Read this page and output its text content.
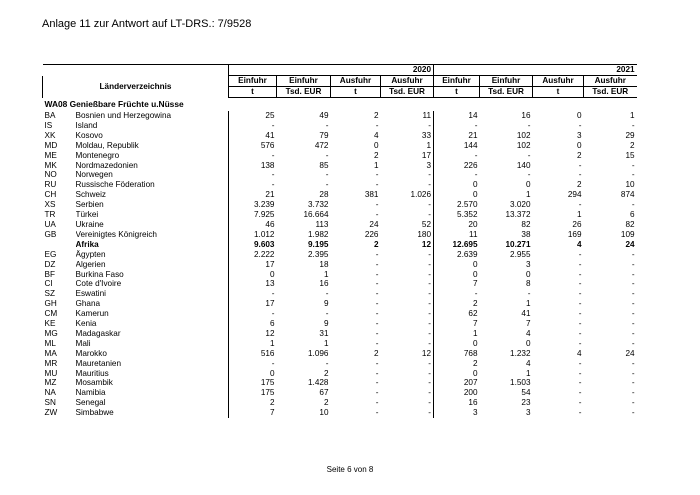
Anlage 11 zur Antwort auf LT-DRS.: 7/9528
		2020				2021			
Länderverzeichnis		Einfuhr	Einfuhr	Ausfuhr	Ausfuhr	Einfuhr	Einfuhr	Ausfuhr	Ausfuhr
		t	Tsd. EUR	t	Tsd. EUR	t	Tsd. EUR	t	Tsd. EUR
WA08 Genießbare Früchte u.Nüsse									
BA	Bosnien und Herzegowina	25	49	2	11	14	16	0	1
IS	Island	-	-	-	-	-	-	-	-
XK	Kosovo	41	79	4	33	21	102	3	29
MD	Moldau, Republik	576	472	0	1	144	102	0	2
ME	Montenegro	-	-	2	17	-	-	2	15
MK	Nordmazedonien	138	85	1	3	226	140	-	-
NO	Norwegen	-	-	-	-	-	-	-	-
RU	Russische Föderation	-	-	-	-	0	0	2	10
CH	Schweiz	21	28	381	1.026	0	1	294	874
XS	Serbien	3.239	3.732	-	-	2.570	3.020	-	-
TR	Türkei	7.925	16.664	-	-	5.352	13.372	1	6
UA	Ukraine	46	113	24	52	20	82	26	82
GB	Vereinigtes Königreich	1.012	1.982	226	180	11	38	169	109
	Afrika	9.603	9.195	2	12	12.695	10.271	4	24
EG	Ägypten	2.222	2.395	-	-	2.639	2.955	-	-
DZ	Algerien	17	18	-	-	0	3	-	-
BF	Burkina Faso	0	1	-	-	0	0	-	-
CI	Cote d'Ivoire	13	16	-	-	7	8	-	-
SZ	Eswatini	-	-	-	-	-	-	-	-
GH	Ghana	17	9	-	-	2	1	-	-
CM	Kamerun	-	-	-	-	62	41	-	-
KE	Kenia	6	9	-	-	7	7	-	-
MG	Madagaskar	12	31	-	-	1	4	-	-
ML	Mali	1	1	-	-	0	0	-	-
MA	Marokko	516	1.096	2	12	768	1.232	4	24
MR	Mauretanien	-	-	-	-	2	4	-	-
MU	Mauritius	0	2	-	-	0	1	-	-
MZ	Mosambik	175	1.428	-	-	207	1.503	-	-
NA	Namibia	175	67	-	-	200	54	-	-
SN	Senegal	2	2	-	-	16	23	-	-
ZW	Simbabwe	7	10	-	-	3	3	-	-
Seite 6 von 8
